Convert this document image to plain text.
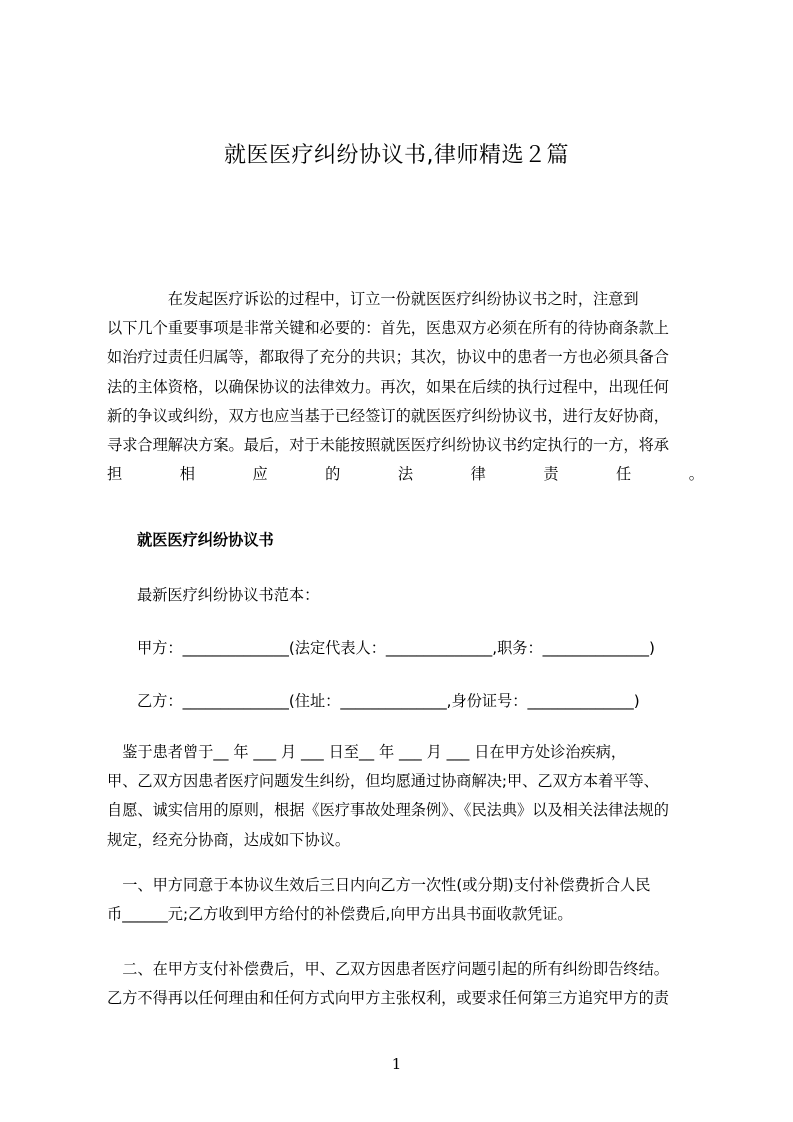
就医医疗纠纷协议书,律师精选２篇
　　　　在发起医疗诉讼的过程中，订立一份就医医疗纠纷协议书之时，注意到
以下几个重要事项是非常关键和必要的：首先，医患双方必须在所有的待协商条款上
如治疗过责任归属等，都取得了充分的共识；其次，协议中的患者一方也必须具备合
法的主体资格，以确保协议的法律效力。再次，如果在后续的执行过程中，出现任何
新的争议或纠纷，双方也应当基于已经签订的就医医疗纠纷协议书，进行友好协商，
寻求合理解决方案。最后，对于未能按照就医医疗纠纷协议书约定执行的一方，将承
担	相	应	的	法	律	责	任	。
就医医疗纠纷协议书
最新医疗纠纷协议书范本：
甲方：______________(法定代表人：______________,职务：______________)
乙方：______________(住址：______________,身份证号：______________)
　鉴于患者曾于__ 年 ___ 月 ___ 日至__ 年 ___ 月 ___ 日在甲方处诊治疾病，
甲、乙双方因患者医疗问题发生纠纷，但均愿通过协商解决;甲、乙双方本着平等、
自愿、诚实信用的原则，根据《医疗事故处理条例》、《民法典》以及相关法律法规的
规定，经充分协商，达成如下协议。
　一、甲方同意于本协议生效后三日内向乙方一次性(或分期)支付补偿费折合人民
币______元;乙方收到甲方给付的补偿费后,向甲方出具书面收款凭证。
　二、在甲方支付补偿费后，甲、乙双方因患者医疗问题引起的所有纠纷即告终结。
乙方不得再以任何理由和任何方式向甲方主张权利，或要求任何第三方追究甲方的责
1
